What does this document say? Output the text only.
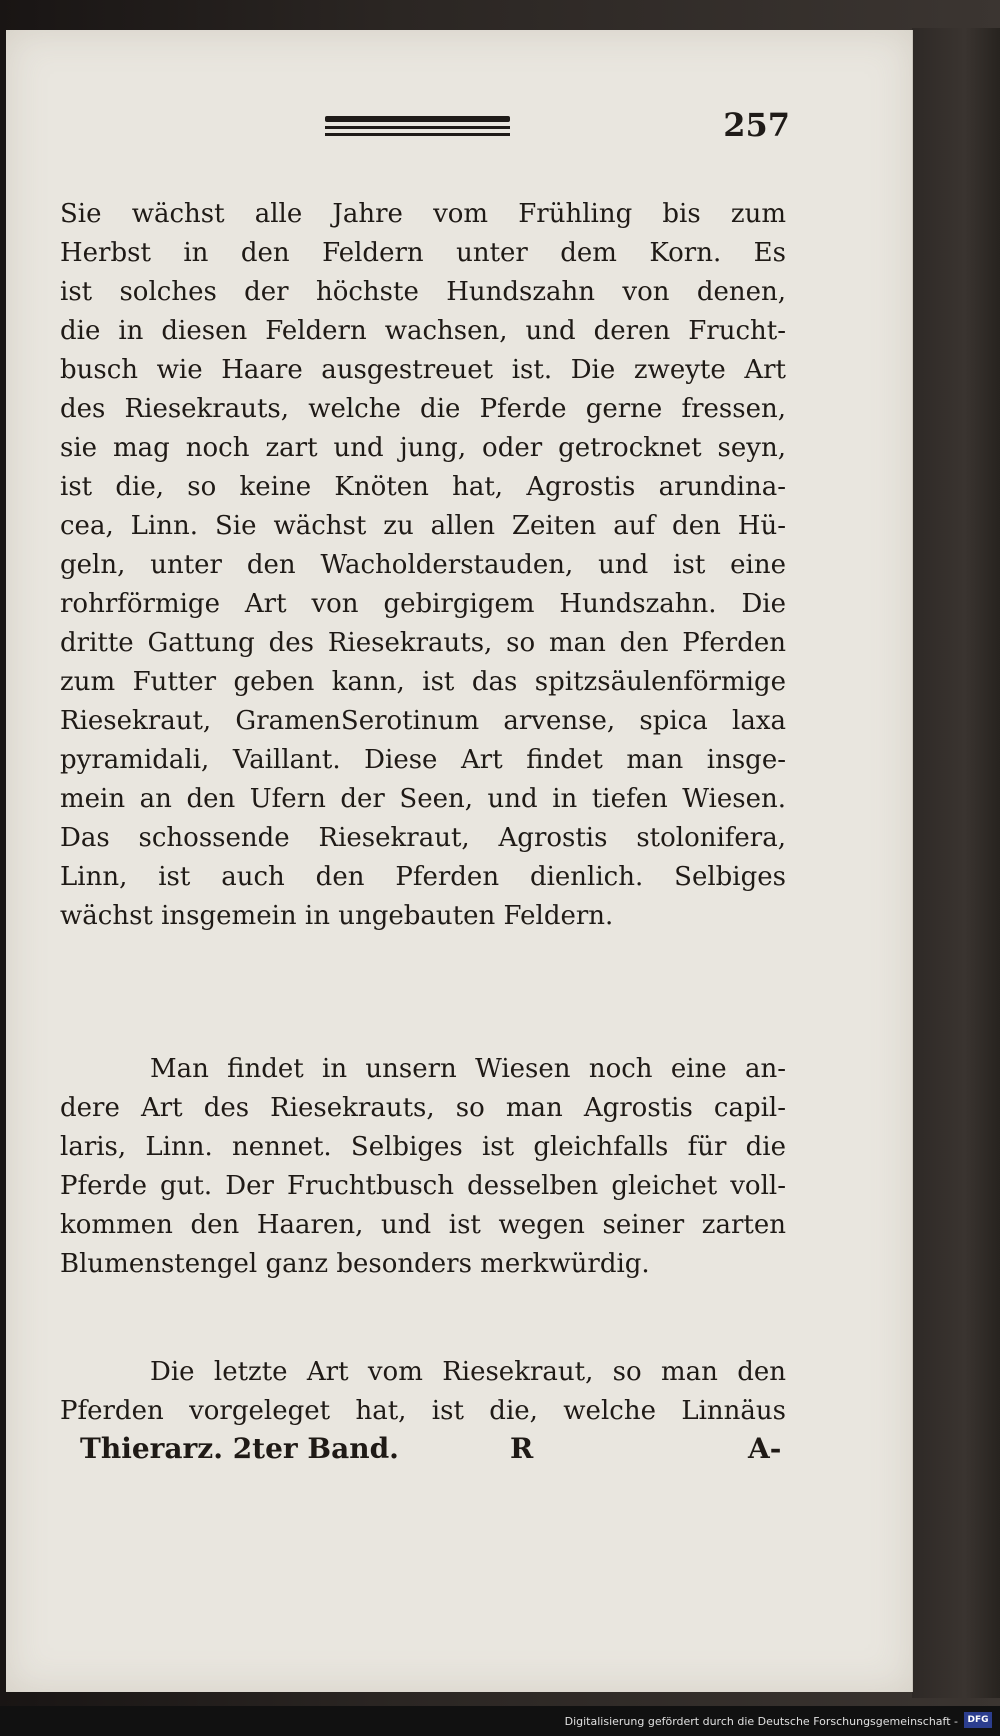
257
Sie wächst alle Jahre vom Frühling bis zum
Herbst in den Feldern unter dem Korn. Es
ist solches der höchste Hundszahn von denen,
die in diesen Feldern wachsen, und deren Frucht-
busch wie Haare ausgestreuet ist. Die zweyte Art
des Riesekrauts, welche die Pferde gerne fressen,
sie mag noch zart und jung, oder getrocknet seyn,
ist die, so keine Knöten hat, Agrostis arundina-
cea, Linn. Sie wächst zu allen Zeiten auf den Hü-
geln, unter den Wacholderstauden, und ist eine
rohrförmige Art von gebirgigem Hundszahn. Die
dritte Gattung des Riesekrauts, so man den Pferden
zum Futter geben kann, ist das spitzsäulenförmige
Riesekraut, GramenSerotinum arvense, spica laxa
pyramidali, Vaillant. Diese Art findet man insge-
mein an den Ufern der Seen, und in tiefen Wiesen.
Das schossende Riesekraut, Agrostis stolonifera,
Linn, ist auch den Pferden dienlich. Selbiges
wächst insgemein in ungebauten Feldern.
Man findet in unsern Wiesen noch eine an-
dere Art des Riesekrauts, so man Agrostis capil-
laris, Linn. nennet. Selbiges ist gleichfalls für die
Pferde gut. Der Fruchtbusch desselben gleichet voll-
kommen den Haaren, und ist wegen seiner zarten
Blumenstengel ganz besonders merkwürdig.
Die letzte Art vom Riesekraut, so man den
Pferden vorgeleget hat, ist die, welche Linnäus
Thierarz. 2ter Band.	R	A-
Digitalisierung gefördert durch die Deutsche Forschungsgemeinschaft -	DFG
